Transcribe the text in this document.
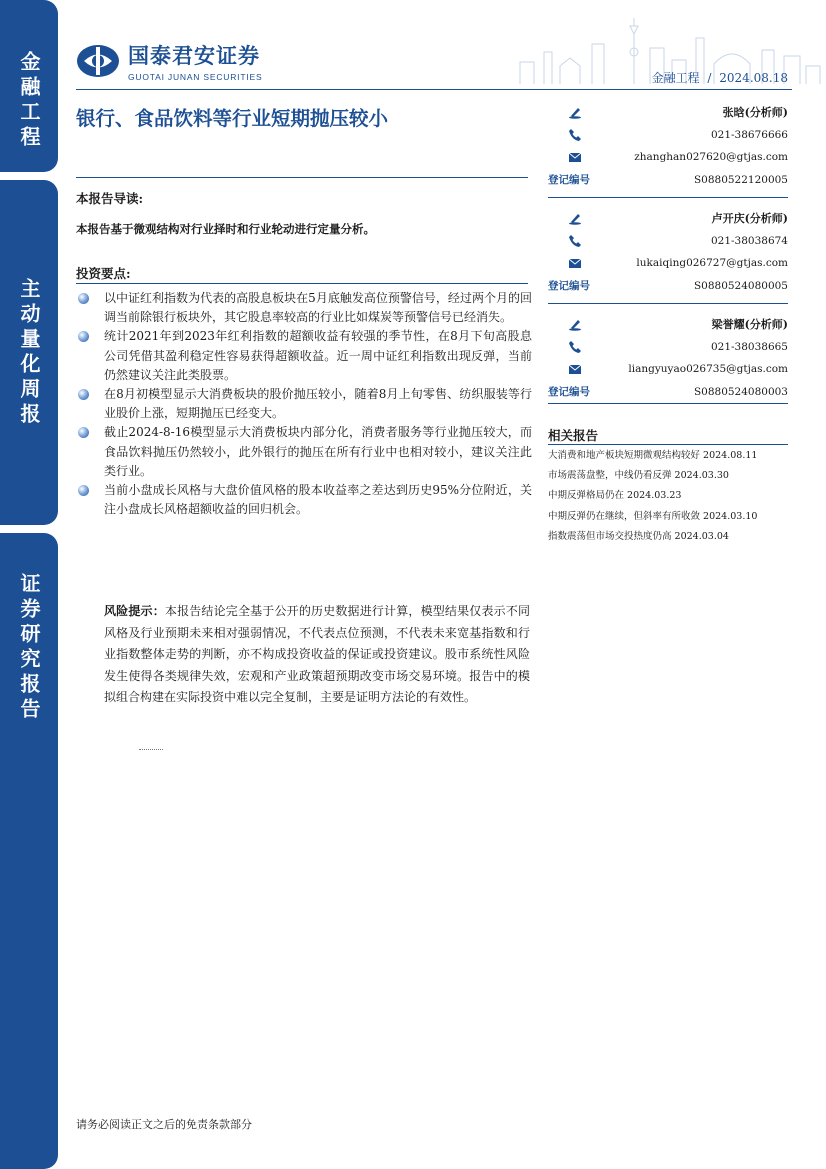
金融工程
主动量化周报
证券研究报告
国泰君安证券
GUOTAI JUNAN SECURITIES	金融工程 / 2024.08.18
银行、食品饮料等行业短期抛压较小	张晗(分析师)
021-38676666
zhanghan027620@gtjas.com
登记编号	S0880522120005
卢开庆(分析师)
021-38038674
lukaiqing026727@gtjas.com
登记编号	S0880524080005
梁誉耀(分析师)
021-38038665
liangyuyao026735@gtjas.com
登记编号	S0880524080003
本报告导读:
本报告基于微观结构对行业择时和行业轮动进行定量分析。
投资要点:
以中证红利指数为代表的高股息板块在5月底触发高位预警信号，经过两个月的回调当前除银行板块外，其它股息率较高的行业比如煤炭等预警信号已经消失。
统计2021年到2023年红利指数的超额收益有较强的季节性，在8月下旬高股息公司凭借其盈利稳定性容易获得超额收益。近一周中证红利指数出现反弹，当前仍然建议关注此类股票。
在8月初模型显示大消费板块的股价抛压较小，随着8月上旬零售、纺织服装等行业股价上涨，短期抛压已经变大。
截止2024-8-16模型显示大消费板块内部分化，消费者服务等行业抛压较大，而食品饮料抛压仍然较小，此外银行的抛压在所有行业中也相对较小，建议关注此类行业。
当前小盘成长风格与大盘价值风格的股本收益率之差达到历史95%分位附近，关注小盘成长风格超额收益的回归机会。
风险提示：本报告结论完全基于公开的历史数据进行计算，模型结果仅表示不同风格及行业预期未来相对强弱情况，不代表点位预测，不代表未来宽基指数和行业指数整体走势的判断，亦不构成投资收益的保证或投资建议。股市系统性风险发生使得各类规律失效，宏观和产业政策超预期改变市场交易环境。报告中的模拟组合构建在实际投资中难以完全复制，主要是证明方法论的有效性。
相关报告
大消费和地产板块短期微观结构较好 2024.08.11
市场震荡盘整，中线仍看反弹 2024.03.30
中期反弹格局仍在 2024.03.23
中期反弹仍在继续，但斜率有所收敛 2024.03.10
指数震荡但市场交投热度仍高 2024.03.04
请务必阅读正文之后的免责条款部分
